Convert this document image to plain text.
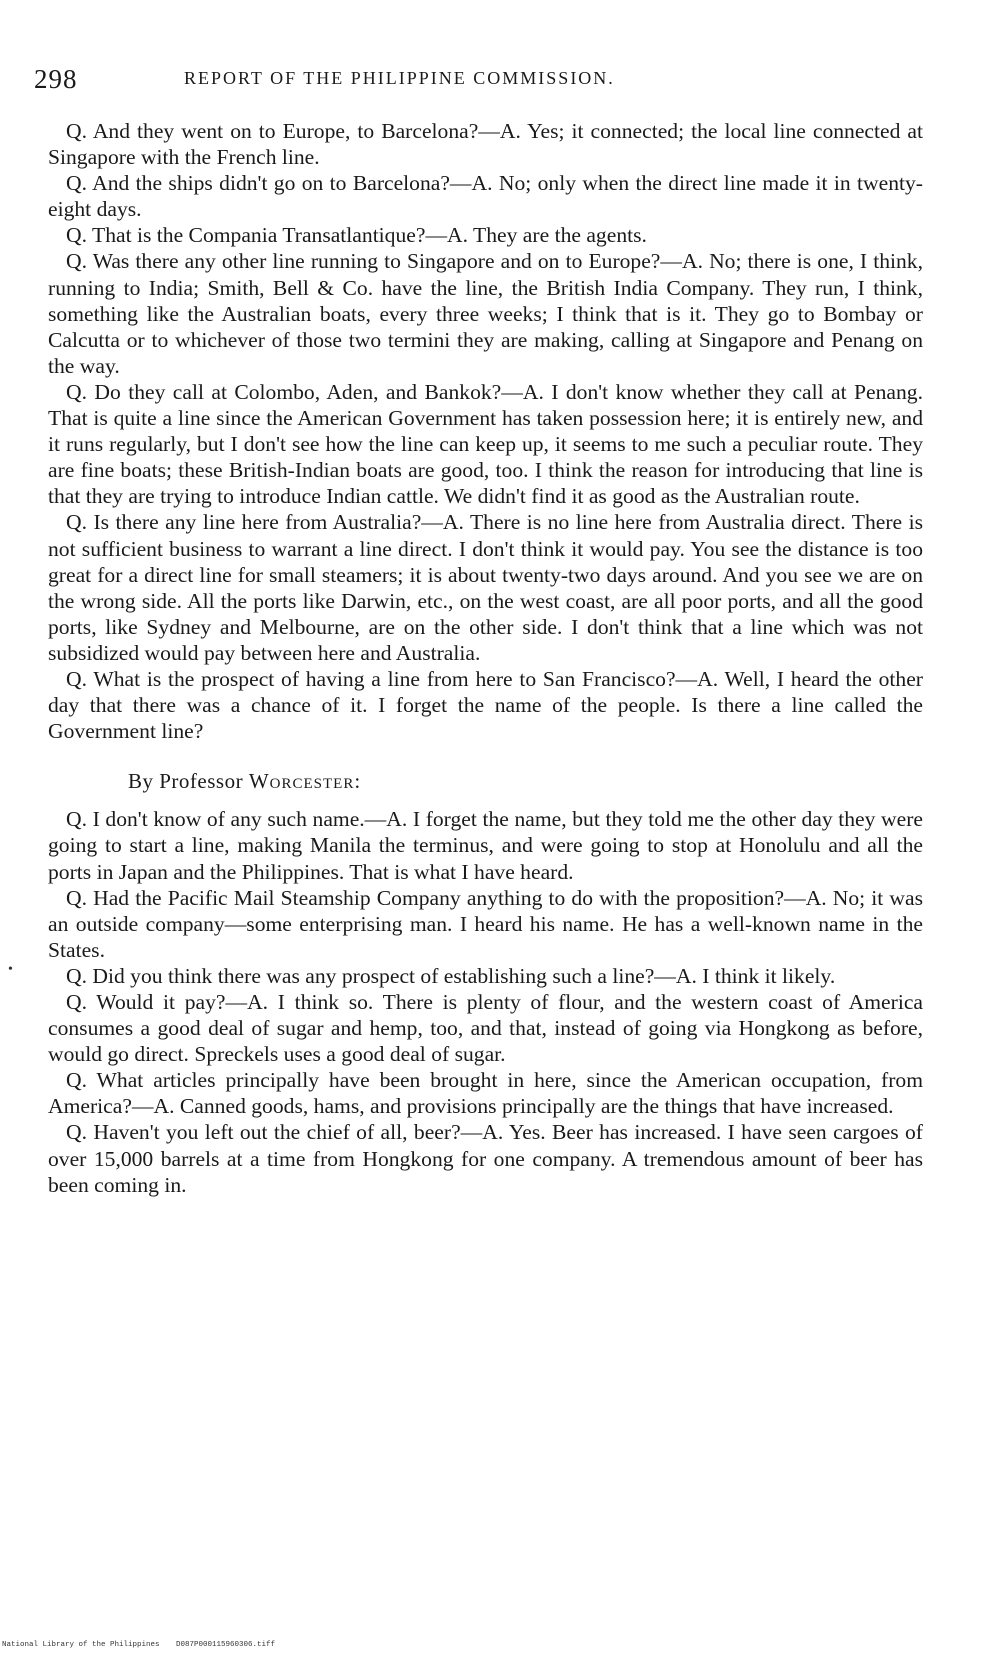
298	REPORT OF THE PHILIPPINE COMMISSION.

Q. And they went on to Europe, to Barcelona?—A. Yes; it connected; the local line connected at Singapore with the French line.

Q. And the ships didn't go on to Barcelona?—A. No; only when the direct line made it in twenty-eight days.

Q. That is the Compania Transatlantique?—A. They are the agents.

Q. Was there any other line running to Singapore and on to Europe?—A. No; there is one, I think, running to India; Smith, Bell & Co. have the line, the British India Company. They run, I think, something like the Australian boats, every three weeks; I think that is it. They go to Bombay or Calcutta or to whichever of those two termini they are making, calling at Singapore and Penang on the way.

Q. Do they call at Colombo, Aden, and Bankok?—A. I don't know whether they call at Penang. That is quite a line since the American Government has taken possession here; it is entirely new, and it runs regularly, but I don't see how the line can keep up, it seems to me such a peculiar route. They are fine boats; these British-Indian boats are good, too. I think the reason for introducing that line is that they are trying to introduce Indian cattle. We didn't find it as good as the Australian route.

Q. Is there any line here from Australia?—A. There is no line here from Australia direct. There is not sufficient business to warrant a line direct. I don't think it would pay. You see the distance is too great for a direct line for small steamers; it is about twenty-two days around. And you see we are on the wrong side. All the ports like Darwin, etc., on the west coast, are all poor ports, and all the good ports, like Sydney and Melbourne, are on the other side. I don't think that a line which was not subsidized would pay between here and Australia.

Q. What is the prospect of having a line from here to San Francisco?—A. Well, I heard the other day that there was a chance of it. I forget the name of the people. Is there a line called the Government line?

By Professor Worcester:

Q. I don't know of any such name.—A. I forget the name, but they told me the other day they were going to start a line, making Manila the terminus, and were going to stop at Honolulu and all the ports in Japan and the Philippines. That is what I have heard.

Q. Had the Pacific Mail Steamship Company anything to do with the proposition?—A. No; it was an outside company—some enterprising man. I heard his name. He has a well-known name in the States.

Q. Did you think there was any prospect of establishing such a line?—A. I think it likely.

Q. Would it pay?—A. I think so. There is plenty of flour, and the western coast of America consumes a good deal of sugar and hemp, too, and that, instead of going via Hongkong as before, would go direct. Spreckels uses a good deal of sugar.

Q. What articles principally have been brought in here, since the American occupation, from America?—A. Canned goods, hams, and provisions principally are the things that have increased.

Q. Haven't you left out the chief of all, beer?—A. Yes. Beer has increased. I have seen cargoes of over 15,000 barrels at a time from Hongkong for one company. A tremendous amount of beer has been coming in.

•
National Library of the Philippines D087P000115960306.tiff
